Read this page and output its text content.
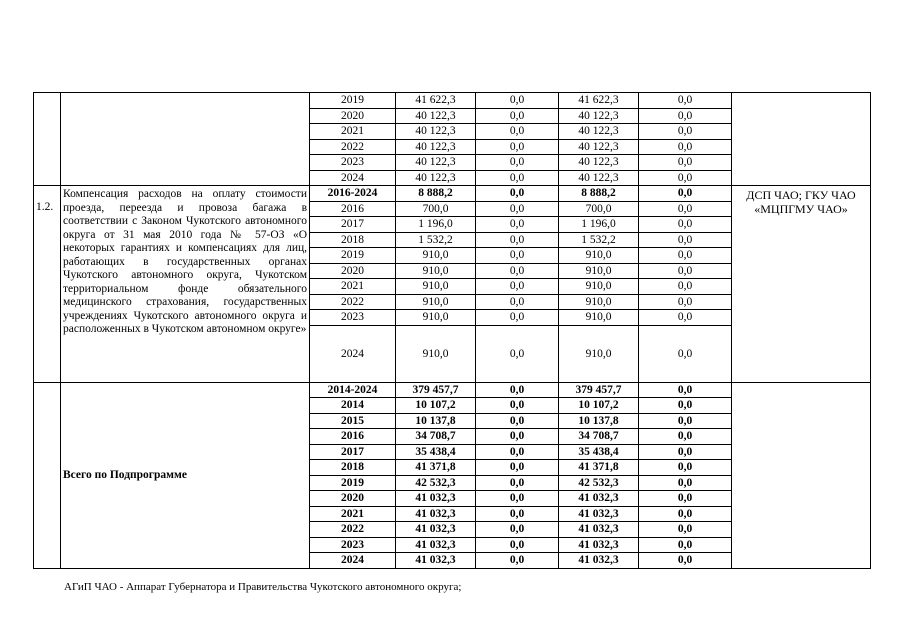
		2019	41 622,3	0,0	41 622,3	0,0	
		2020	40 122,3	0,0	40 122,3	0,0	
		2021	40 122,3	0,0	40 122,3	0,0	
		2022	40 122,3	0,0	40 122,3	0,0	
		2023	40 122,3	0,0	40 122,3	0,0	
		2024	40 122,3	0,0	40 122,3	0,0	
1.2.	Компенсация расходов на оплату стоимости проезда, переезда и провоза багажа в соответствии с Законом Чукотского автономного округа от 31 мая 2010 года № 57-ОЗ «О некоторых гарантиях и компенсациях для лиц, работающих в государственных органах Чукотского автономного округа, Чукотском территориальном фонде обязательного медицинского страхования, государственных учреждениях Чукотского автономного округа и расположенных в Чукотском автономном округе»	2016-2024	8 888,2	0,0	8 888,2	0,0	ДСП ЧАО; ГКУ ЧАО «МЦПГМУ ЧАО»
		2016	700,0	0,0	700,0	0,0	
		2017	1 196,0	0,0	1 196,0	0,0	
		2018	1 532,2	0,0	1 532,2	0,0	
		2019	910,0	0,0	910,0	0,0	
		2020	910,0	0,0	910,0	0,0	
		2021	910,0	0,0	910,0	0,0	
		2022	910,0	0,0	910,0	0,0	
		2023	910,0	0,0	910,0	0,0	
		2024	910,0	0,0	910,0	0,0	
	Всего по Подпрограмме	2014-2024	379 457,7	0,0	379 457,7	0,0	
		2014	10 107,2	0,0	10 107,2	0,0	
		2015	10 137,8	0,0	10 137,8	0,0	
		2016	34 708,7	0,0	34 708,7	0,0	
		2017	35 438,4	0,0	35 438,4	0,0	
		2018	41 371,8	0,0	41 371,8	0,0	
		2019	42 532,3	0,0	42 532,3	0,0	
		2020	41 032,3	0,0	41 032,3	0,0	
		2021	41 032,3	0,0	41 032,3	0,0	
		2022	41 032,3	0,0	41 032,3	0,0	
		2023	41 032,3	0,0	41 032,3	0,0	
		2024	41 032,3	0,0	41 032,3	0,0	
АГиП ЧАО - Аппарат Губернатора и Правительства Чукотского автономного округа;
